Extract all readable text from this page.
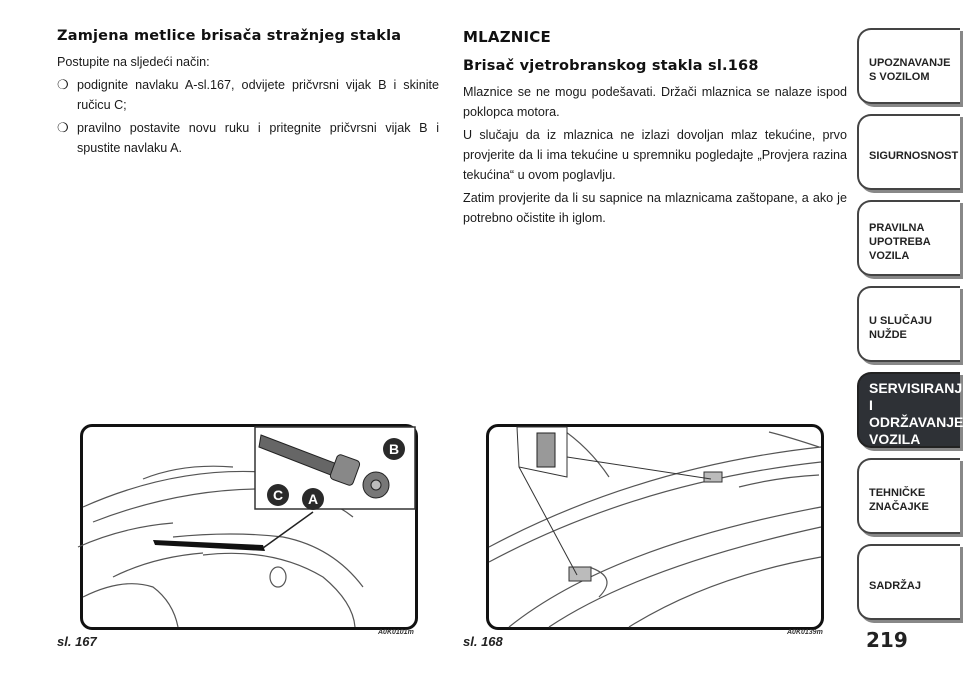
Zamjena metlice brisača stražnjeg stakla
Postupite na sljedeći način:
❍ podignite navlaku A-sl.167, odvijete pričvrsni vijak B i skinite ručicu C;
❍ pravilno postavite novu ruku i pritegnite pričvrsni vijak B i spustite navlaku A.
MLAZNICE
Brisač vjetrobranskog stakla sl.168
Mlaznice se ne mogu podešavati. Držači mlaznica se nalaze ispod poklopca motora.
U slučaju da iz mlaznica ne izlazi dovoljan mlaz tekućine, prvo provjerite da li ima tekućine u spremniku pogledajte „Provjera razina tekućina“ u ovom poglavlju.
Zatim provjerite da li su sapnice na mlaznicama zaštopane, a ako je potrebno očistite ih iglom.
B
C A
sl. 167
A0K0101m
sl. 168
A0K0139m
UPOZNAVANJE
S VOZILOM
SIGURNOSNOST
PRAVILNA
UPOTREBA
VOZILA
U SLUČAJU
NUŽDE
SERVISIRANJE I
ODRŽAVANJE
VOZILA
TEHNIČKE
ZNAČAJKE
SADRŽAJ
219
